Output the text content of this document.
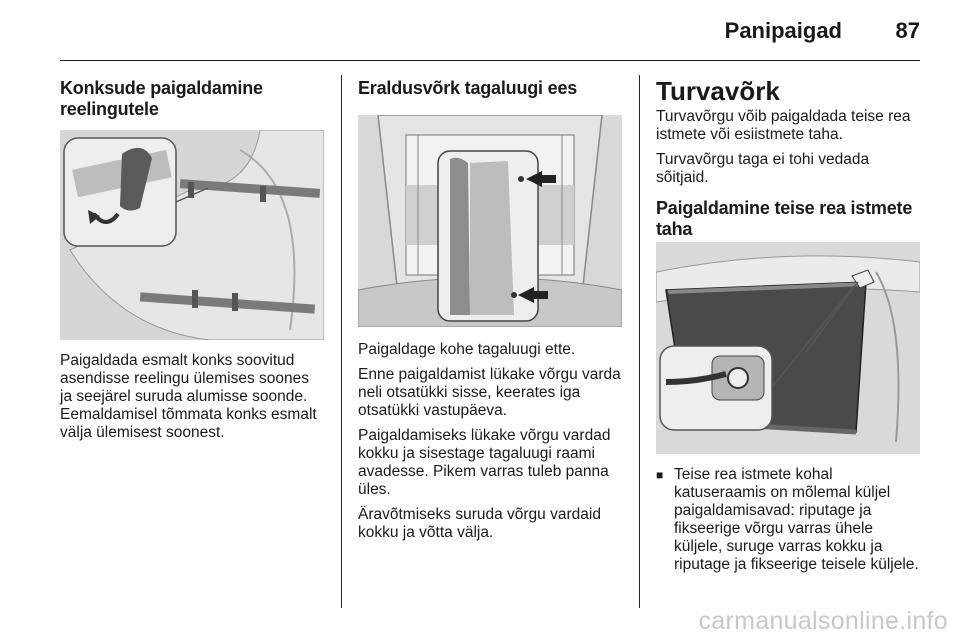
Panipaigad 87
Konksude paigaldamine reelingutele

Paigaldada esmalt konks soovitud asendisse reelingu ülemises soones ja seejärel suruda alumisse soonde. Eemaldamisel tõmmata konks esmalt välja ülemisest soonest.

Eraldusvõrk tagaluugi ees

Paigaldage kohe tagaluugi ette.

Enne paigaldamist lükake võrgu varda neli otsatükki sisse, keerates iga otsatükki vastupäeva.

Paigaldamiseks lükake võrgu vardad kokku ja sisestage tagaluugi raami avadesse. Pikem varras tuleb panna üles.

Äravõtmiseks suruda võrgu vardaid kokku ja võtta välja.

Turvavõrk

Turvavõrgu võib paigaldada teise rea istmete või esiistmete taha.

Turvavõrgu taga ei tohi vedada sõitjaid.

Paigaldamine teise rea istmete taha
■ Teise rea istmete kohal katuseraamis on mõlemal küljel paigaldamisavad: riputage ja fikseerige võrgu varras ühele küljele, suruge varras kokku ja riputage ja fikseerige teisele küljele.
carmanualsonline.info
